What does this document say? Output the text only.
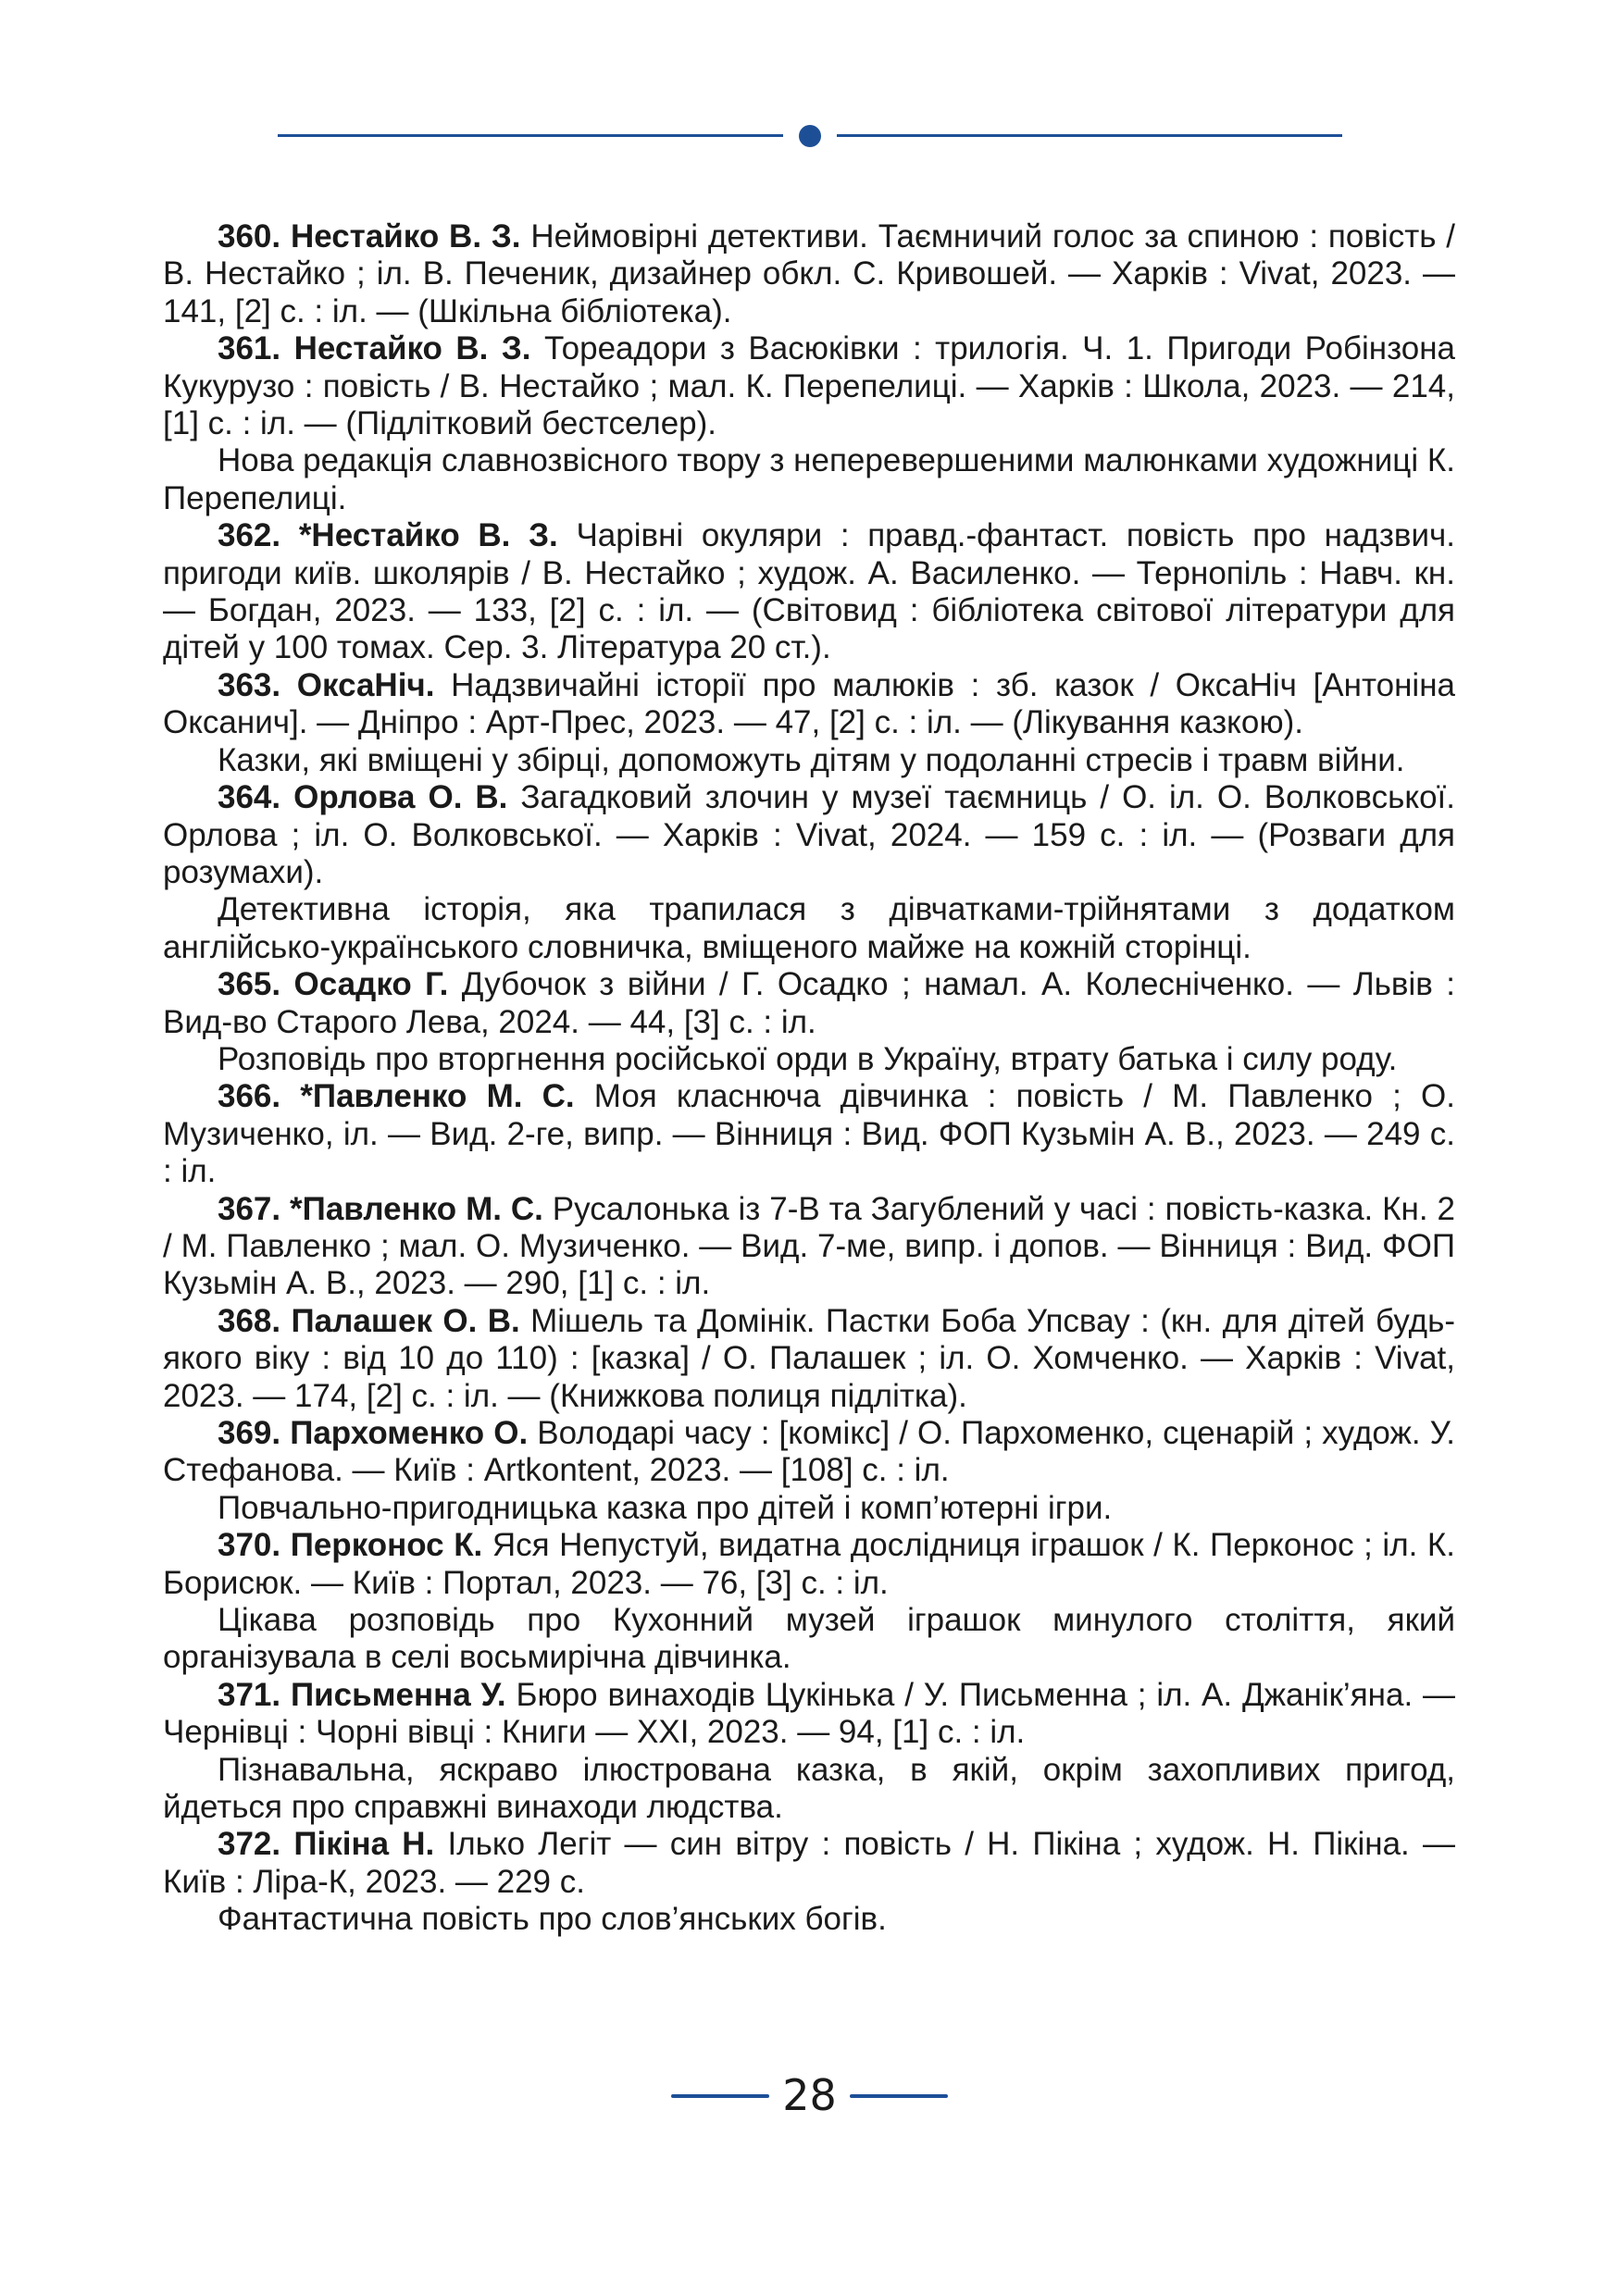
360. Нестайко В. З. Неймовірні детективи. Таємничий голос за спиною : повість / В. Нестайко ; іл. В. Печеник, дизайнер обкл. С. Кривошей. — Харків : Vivat, 2023. — 141, [2] с. : іл. — (Шкільна бібліотека).

361. Нестайко В. З. Тореадори з Васюківки : трилогія. Ч. 1. Пригоди Робінзона Кукурузо : повість / В. Нестайко ; мал. К. Перепелиці. — Харків : Школа, 2023. — 214, [1] с. : іл. — (Підлітковий бестселер).

Нова редакція славнозвісного твору з неперевершеними малюнками художниці К. Перепелиці.

362. *Нестайко В. З. Чарівні окуляри : правд.-фантаст. повість про надзвич. пригоди київ. школярів / В. Нестайко ; худож. А. Василенко. — Тернопіль : Навч. кн. — Богдан, 2023. — 133, [2] с. : іл. — (Світовид : бібліотека світової літератури для дітей у 100 томах. Сер. 3. Література 20 ст.).

363. ОксаНіч. Надзвичайні історії про малюків : зб. казок / ОксаНіч [Антоніна Оксанич]. — Дніпро : Арт-Прес, 2023. — 47, [2] с. : іл. — (Лікування казкою).

Казки, які вміщені у збірці, допоможуть дітям у подоланні стресів і травм війни.

364. Орлова О. В. Загадковий злочин у музеї таємниць / О. іл. О. Волковської. Орлова ; іл. О. Волковської. — Харків : Vivat, 2024. — 159 с. : іл. — (Розваги для розумахи).

Детективна історія, яка трапилася з дівчатками-трійнятами з додатком англійсько-українського словничка, вміщеного майже на кожній сторінці.

365. Осадко Г. Дубочок з війни / Г. Осадко ; намал. А. Колесніченко. — Львів : Вид-во Старого Лева, 2024. — 44, [3] с. : іл.

Розповідь про вторгнення російської орди в Україну, втрату батька і силу роду.

366. *Павленко М. С. Моя класнюча дівчинка : повість / М. Павленко ; О. Музиченко, іл. — Вид. 2-ге, випр. — Вінниця : Вид. ФОП Кузьмін А. В., 2023. — 249 с. : іл.

367. *Павленко М. С. Русалонька із 7-В та Загублений у часі : повість-казка. Кн. 2 / М. Павленко ; мал. О. Музиченко. — Вид. 7-ме, випр. і допов. — Вінниця : Вид. ФОП Кузьмін А. В., 2023. — 290, [1] с. : іл.

368. Палашек О. В. Мішель та Домінік. Пастки Боба Упсвау : (кн. для дітей будь-якого віку : від 10 до 110) : [казка] / О. Палашек ; іл. О. Хомченко. — Харків : Vivat, 2023. — 174, [2] с. : іл. — (Книжкова полиця підлітка).

369. Пархоменко О. Володарі часу : [комікс] / О. Пархоменко, сценарій ; худож. У. Стефанова. — Київ : Artkontent, 2023. — [108] с. : іл.

Повчально-пригодницька казка про дітей і комп’ютерні ігри.

370. Перконос К. Яся Непустуй, видатна дослідниця іграшок / К. Перконос ; іл. К. Борисюк. — Київ : Портал, 2023. — 76, [3] с. : іл.

Цікава розповідь про Кухонний музей іграшок минулого століття, який організувала в селі восьмирічна дівчинка.

371. Письменна У. Бюро винаходів Цукінька / У. Письменна ; іл. А. Джанік’яна. — Чернівці : Чорні вівці : Книги — XXI, 2023. — 94, [1] с. : іл.

Пізнавальна, яскраво ілюстрована казка, в якій, окрім захопливих пригод, йдеться про справжні винаходи людства.

372. Пікіна Н. Ілько Легіт — син вітру : повість / Н. Пікіна ; худож. Н. Пікіна. — Київ : Ліра-К, 2023. — 229 с.

Фантастична повість про слов’янських богів.

28
